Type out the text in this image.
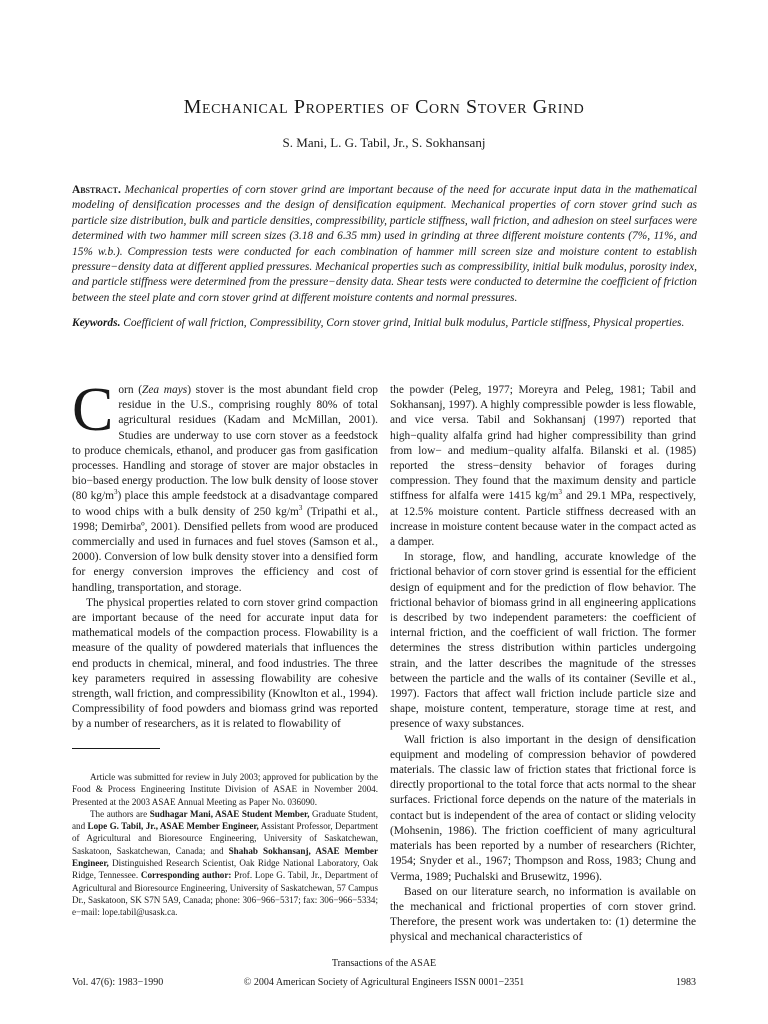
Mechanical Properties of Corn Stover Grind
S. Mani, L. G. Tabil, Jr., S. Sokhansanj
Abstract. Mechanical properties of corn stover grind are important because of the need for accurate input data in the mathematical modeling of densification processes and the design of densification equipment. Mechanical properties of corn stover grind such as particle size distribution, bulk and particle densities, compressibility, particle stiffness, wall friction, and adhesion on steel surfaces were determined with two hammer mill screen sizes (3.18 and 6.35 mm) used in grinding at three different moisture contents (7%, 11%, and 15% w.b.). Compression tests were conducted for each combination of hammer mill screen size and moisture content to establish pressure−density data at different applied pressures. Mechanical properties such as compressibility, initial bulk modulus, porosity index, and particle stiffness were determined from the pressure−density data. Shear tests were conducted to determine the coefficient of friction between the steel plate and corn stover grind at different moisture contents and normal pressures.
Keywords. Coefficient of wall friction, Compressibility, Corn stover grind, Initial bulk modulus, Particle stiffness, Physical properties.

Corn (Zea mays) stover is the most abundant field crop residue in the U.S., comprising roughly 80% of total agricultural residues (Kadam and McMillan, 2001). Studies are underway to use corn stover as a feedstock to produce chemicals, ethanol, and producer gas from gasification processes. Handling and storage of stover are major obstacles in bio−based energy production. The low bulk density of loose stover (80 $kg/m^3$) place this ample feedstock at a disadvantage compared to wood chips with a bulk density of 250 $kg/m^3$ (Tripathi et al., 1998; Demirbaº, 2001). Densified pellets from wood are produced commercially and used in furnaces and fuel stoves (Samson et al., 2000). Conversion of low bulk density stover into a densified form for energy conversion improves the efficiency and cost of handling, transportation, and storage.

The physical properties related to corn stover grind compaction are important because of the need for accurate input data for mathematical models of the compaction process. Flowability is a measure of the quality of powdered materials that influences the end products in chemical, mineral, and food industries. The three key parameters required in assessing flowability are cohesive strength, wall friction, and compressibility (Knowlton et al., 1994). Compressibility of food powders and biomass grind was reported by a number of researchers, as it is related to flowability of

Article was submitted for review in July 2003; approved for publication by the Food & Process Engineering Institute Division of ASAE in November 2004. Presented at the 2003 ASAE Annual Meeting as Paper No. 036090.

The authors are Sudhagar Mani, ASAE Student Member, Graduate Student, and Lope G. Tabil, Jr., ASAE Member Engineer, Assistant Professor, Department of Agricultural and Bioresource Engineering, University of Saskatchewan, Saskatoon, Saskatchewan, Canada; and Shahab Sokhansanj, ASAE Member Engineer, Distinguished Research Scientist, Oak Ridge National Laboratory, Oak Ridge, Tennessee. Corresponding author: Prof. Lope G. Tabil, Jr., Department of Agricultural and Bioresource Engineering, University of Saskatchewan, 57 Campus Dr., Saskatoon, SK S7N 5A9, Canada; phone: 306−966−5317; fax: 306−966−5334; e−mail: lope.tabil@usask.ca.

the powder (Peleg, 1977; Moreyra and Peleg, 1981; Tabil and Sokhansanj, 1997). A highly compressible powder is less flowable, and vice versa. Tabil and Sokhansanj (1997) reported that high−quality alfalfa grind had higher compressibility than grind from low− and medium−quality alfalfa. Bilanski et al. (1985) reported the stress−density behavior of forages during compression. They found that the maximum density and particle stiffness for alfalfa were 1415 $kg/m^3$ and 29.1 MPa, respectively, at 12.5% moisture content. Particle stiffness decreased with an increase in moisture content because water in the compact acted as a damper.

In storage, flow, and handling, accurate knowledge of the frictional behavior of corn stover grind is essential for the efficient design of equipment and for the prediction of flow behavior. The frictional behavior of biomass grind in all engineering applications is described by two independent parameters: the coefficient of internal friction, and the coefficient of wall friction. The former determines the stress distribution within particles undergoing strain, and the latter describes the magnitude of the stresses between the particle and the walls of its container (Seville et al., 1997). Factors that affect wall friction include particle size and shape, moisture content, temperature, storage time at rest, and presence of waxy substances.

Wall friction is also important in the design of densification equipment and modeling of compression behavior of powdered materials. The classic law of friction states that frictional force is directly proportional to the total force that acts normal to the shear surfaces. Frictional force depends on the nature of the materials in contact but is independent of the area of contact or sliding velocity (Mohsenin, 1986). The friction coefficient of many agricultural materials has been reported by a number of researchers (Richter, 1954; Snyder et al., 1967; Thompson and Ross, 1983; Chung and Verma, 1989; Puchalski and Brusewitz, 1996).

Based on our literature search, no information is available on the mechanical and frictional properties of corn stover grind. Therefore, the present work was undertaken to: (1) determine the physical and mechanical characteristics of

Transactions of the ASAE
Vol. 47(6): 1983−1990	© 2004 American Society of Agricultural Engineers ISSN 0001−2351	1983
